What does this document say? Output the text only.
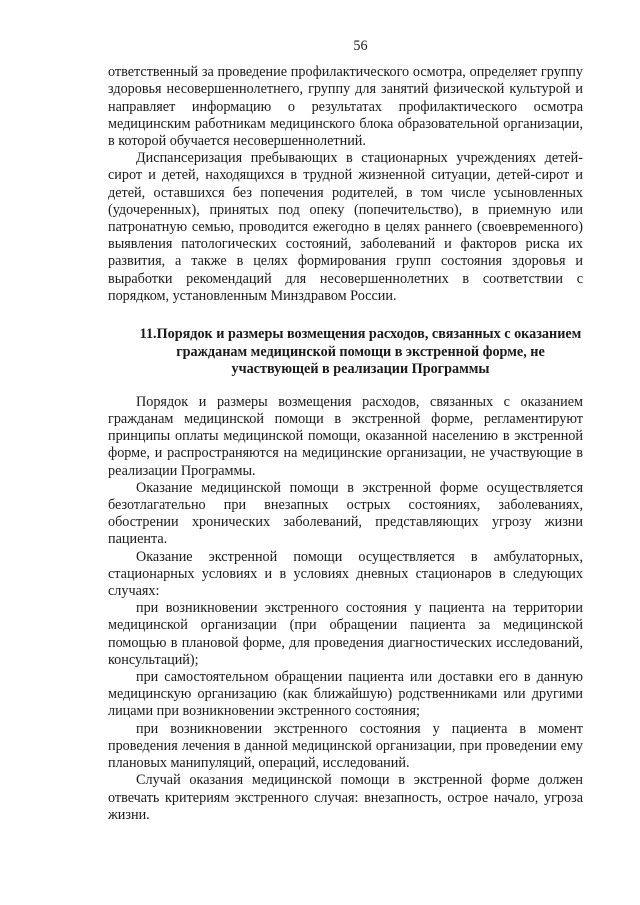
56

ответственный за проведение профилактического осмотра, определяет группу здоровья несовершеннолетнего, группу для занятий физической культурой и направляет информацию о результатах профилактического осмотра медицинским работникам медицинского блока образовательной организации, в которой обучается несовершеннолетний.

Диспансеризация пребывающих в стационарных учреждениях детей-сирот и детей, находящихся в трудной жизненной ситуации, детей-сирот и детей, оставшихся без попечения родителей, в том числе усыновленных (удочеренных), принятых под опеку (попечительство), в приемную или патронатную семью, проводится ежегодно в целях раннего (своевременного) выявления патологических состояний, заболеваний и факторов риска их развития, а также в целях формирования групп состояния здоровья и выработки рекомендаций для несовершеннолетних в соответствии с порядком, установленным Минздравом России.

11.Порядок и размеры возмещения расходов, связанных с оказанием гражданам медицинской помощи в экстренной форме, не участвующей в реализации Программы

Порядок и размеры возмещения расходов, связанных с оказанием гражданам медицинской помощи в экстренной форме, регламентируют принципы оплаты медицинской помощи, оказанной населению в экстренной форме, и распространяются на медицинские организации, не участвующие в реализации Программы.

Оказание медицинской помощи в экстренной форме осуществляется безотлагательно при внезапных острых состояниях, заболеваниях, обострении хронических заболеваний, представляющих угрозу жизни пациента.

Оказание экстренной помощи осуществляется в амбулаторных, стационарных условиях и в условиях дневных стационаров в следующих случаях:

при возникновении экстренного состояния у пациента на территории медицинской организации (при обращении пациента за медицинской помощью в плановой форме, для проведения диагностических исследований, консультаций);

при самостоятельном обращении пациента или доставки его в данную медицинскую организацию (как ближайшую) родственниками или другими лицами при возникновении экстренного состояния;

при возникновении экстренного состояния у пациента в момент проведения лечения в данной медицинской организации, при проведении ему плановых манипуляций, операций, исследований.

Случай оказания медицинской помощи в экстренной форме должен отвечать критериям экстренного случая: внезапность, острое начало, угроза жизни.
